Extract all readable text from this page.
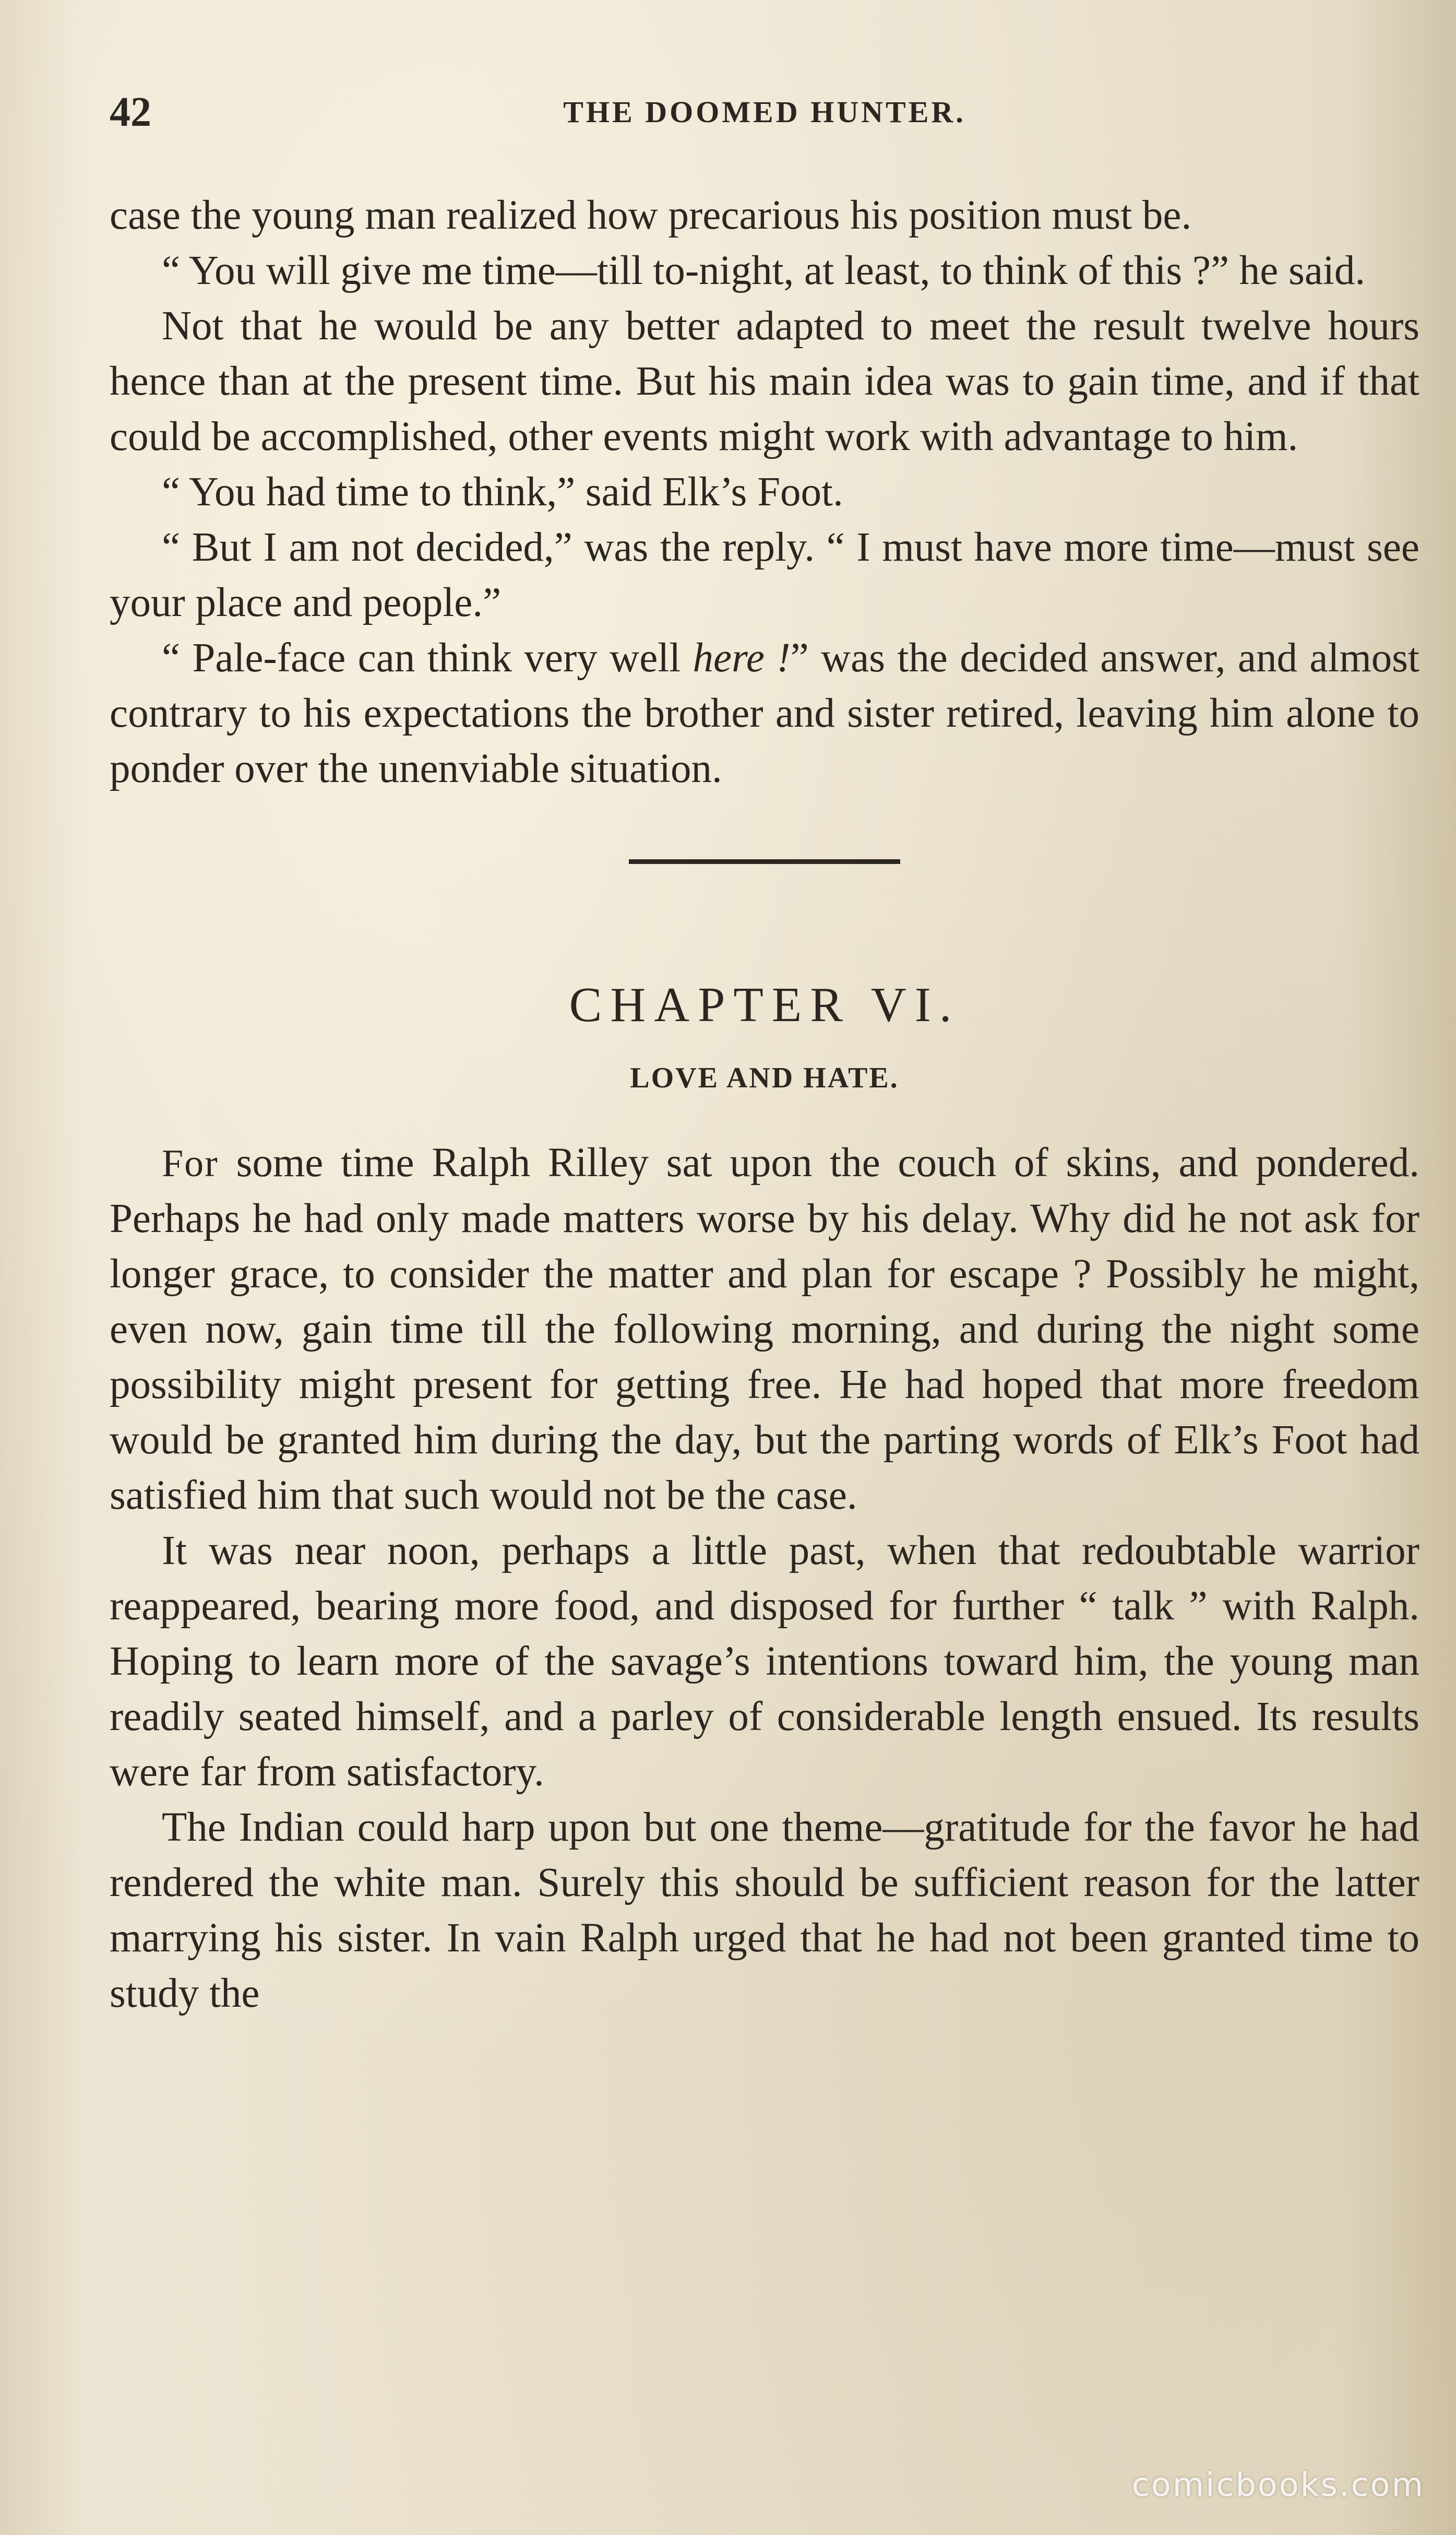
42	THE DOOMED HUNTER.

case the young man realized how precarious his position must be.

“ You will give me time—till to-night, at least, to think of this ?” he said.

Not that he would be any better adapted to meet the result twelve hours hence than at the present time. But his main idea was to gain time, and if that could be accomplished, other events might work with advantage to him.

“ You had time to think,” said Elk’s Foot.

“ But I am not decided,” was the reply. “ I must have more time—must see your place and people.”

“ Pale-face can think very well here !” was the decided answer, and almost contrary to his expectations the brother and sister retired, leaving him alone to ponder over the unenviable situation.

CHAPTER VI.
LOVE AND HATE.

For some time Ralph Rilley sat upon the couch of skins, and pondered. Perhaps he had only made matters worse by his delay. Why did he not ask for longer grace, to consider the matter and plan for escape ? Possibly he might, even now, gain time till the following morning, and during the night some possibility might present for getting free. He had hoped that more freedom would be granted him during the day, but the parting words of Elk’s Foot had satisfied him that such would not be the case.

It was near noon, perhaps a little past, when that redoubtable warrior reappeared, bearing more food, and disposed for further “ talk ” with Ralph. Hoping to learn more of the savage’s intentions toward him, the young man readily seated himself, and a parley of considerable length ensued. Its results were far from satisfactory.

The Indian could harp upon but one theme—gratitude for the favor he had rendered the white man. Surely this should be sufficient reason for the latter marrying his sister. In vain Ralph urged that he had not been granted time to study the

comicbooks.com
